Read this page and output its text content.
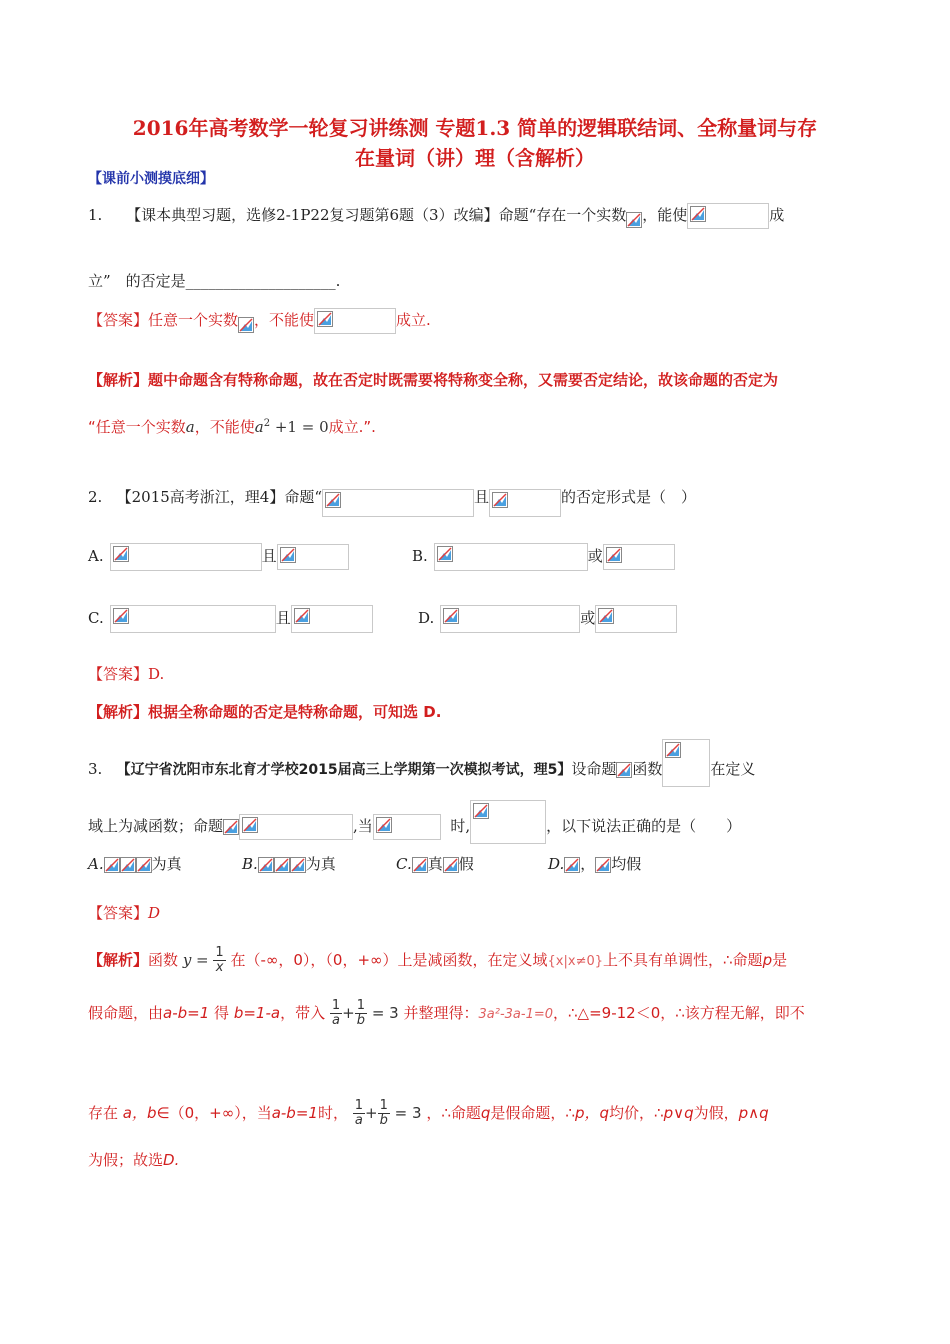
2016年高考数学一轮复习讲练测 专题1.3 简单的逻辑联结词、全称量词与存
在量词（讲）理（含解析）
【课前小测摸底细】
1. 【课本典型习题，选修2-1P22复习题第6题（3）改编】命题“存在一个实数 ，能使	成
立”　的否定是____________________.
【答案】任意一个实数 ，不能使	成立.
【解析】题中命题含有特称命题，故在否定时既需要将特称变全称，又需要否定结论，故该命题的否定为
“任意一个实数a，不能使$a^2 +1 = 0$成立.”.
2. 【2015高考浙江，理4】命题“	且	的否定形式是（　）
A.	且	B.	或
C.	且	D.	或
【答案】D.
【解析】根据全称命题的否定是特称命题，可知选 D.
3. 【辽宁省沈阳市东北育才学校2015届高三上学期第一次模拟考试，理5】设命题 函数	在定义
域上为减函数；命题	,当	时,	，以下说法正确的是（　　）
A.	为真	B.	为真	C. 真 假	D. ， 均假
【答案】D
【解析】函数 $y = \frac{1}{x}$ 在（-∞，0），（0，+∞）上是减函数，在定义域{x|x≠0}上不具有单调性，∴命题p是
假命题，由a-b=1 得 b=1-a，带入 $\frac{1}{a} + \frac{1}{b} = 3$ 并整理得：3a²-3a-1=0，∴△=9-12＜0，∴该方程无解，即不
存在 a，b∈（0，+∞），当a-b=1时， $\frac{1}{a} + \frac{1}{b} = 3$ ，∴命题q是假命题，∴p，q均价，∴p∨q为假，p∧q
为假；故选D.
